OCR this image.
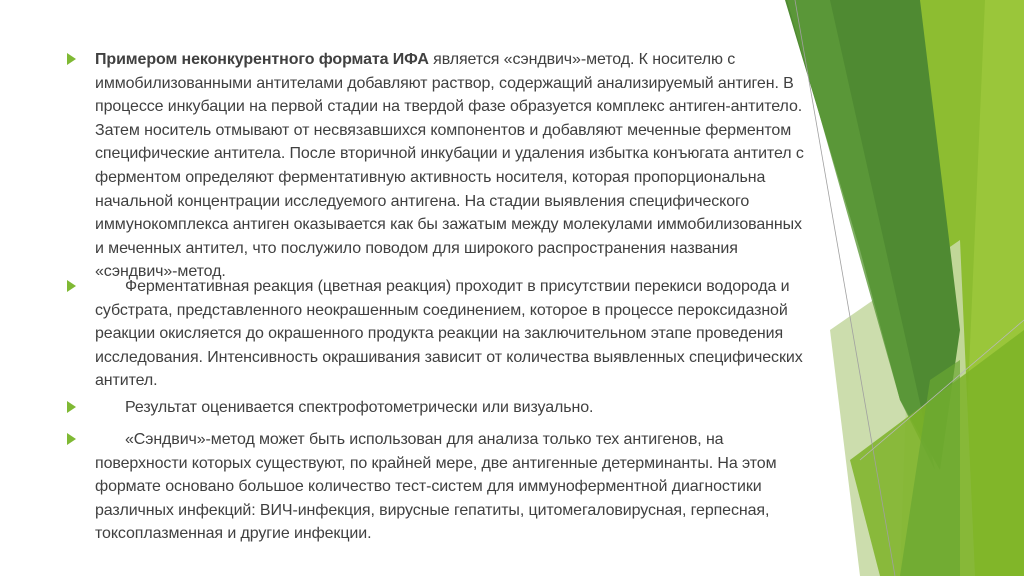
Примером неконкурентного формата ИФА является «сэндвич»-метод. К носителю с
иммобилизованными антителами добавляют раствор, содержащий анализируемый антиген. В
процессе инкубации на первой стадии на твердой фазе образуется комплекс антиген-антитело.
Затем носитель отмывают от несвязавшихся компонентов и добавляют меченные ферментом
специфические антитела. После вторичной инкубации и удаления избытка конъюгата антител с
ферментом определяют ферментативную активность носителя, которая пропорциональна
начальной концентрации исследуемого антигена. На стадии выявления специфического
иммунокомплекса антиген оказывается как бы зажатым между молекулами иммобилизованных
и меченных антител, что послужило поводом для широкого распространения названия
«сэндвич»-метод.
Ферментативная реакция (цветная реакция) проходит в присутствии перекиси водорода и
субстрата, представленного неокрашенным соединением, которое в процессе пероксидазной
реакции окисляется до окрашенного продукта реакции на заключительном этапе проведения
исследования. Интенсивность окрашивания зависит от количества выявленных специфических
антител.
Результат оценивается спектрофотометрически или визуально.
«Сэндвич»-метод может быть использован для анализа только тех антигенов, на
поверхности которых существуют, по крайней мере, две антигенные детерминанты. На этом
формате основано большое количество тест-систем для иммуноферментной диагностики
различных инфекций: ВИЧ-инфекция, вирусные гепатиты, цитомегаловирусная, герпесная,
токсоплазменная и другие инфекции.
